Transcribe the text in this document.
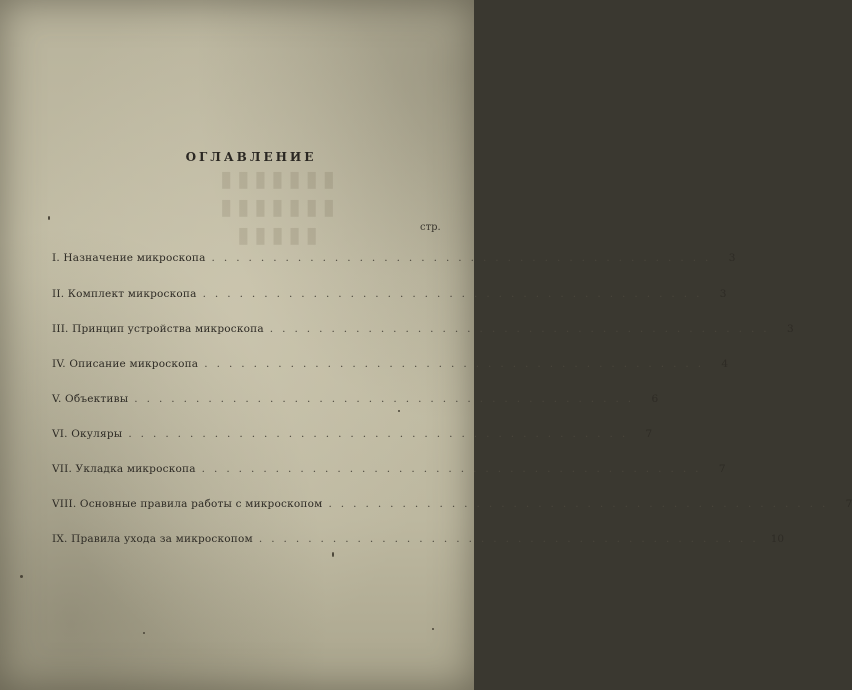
▮▮▮▮▮▮▮
▮▮▮▮▮▮▮
▮▮▮▮▮
ОГЛАВЛЕНИЕ
стр.
I. Назначение микроскопа .........................................	3
II. Комплект микроскопа .........................................	3
III. Принцип устройства микроскопа .........................................	3
IV. Описание микроскопа .........................................	4
V. Объективы .........................................	6
VI. Окуляры .........................................	7
VII. Укладка микроскопа .........................................	7
VIII. Основные правила работы с микроскопом .........................................	7
IX. Правила ухода за микроскопом ......................................... 10
